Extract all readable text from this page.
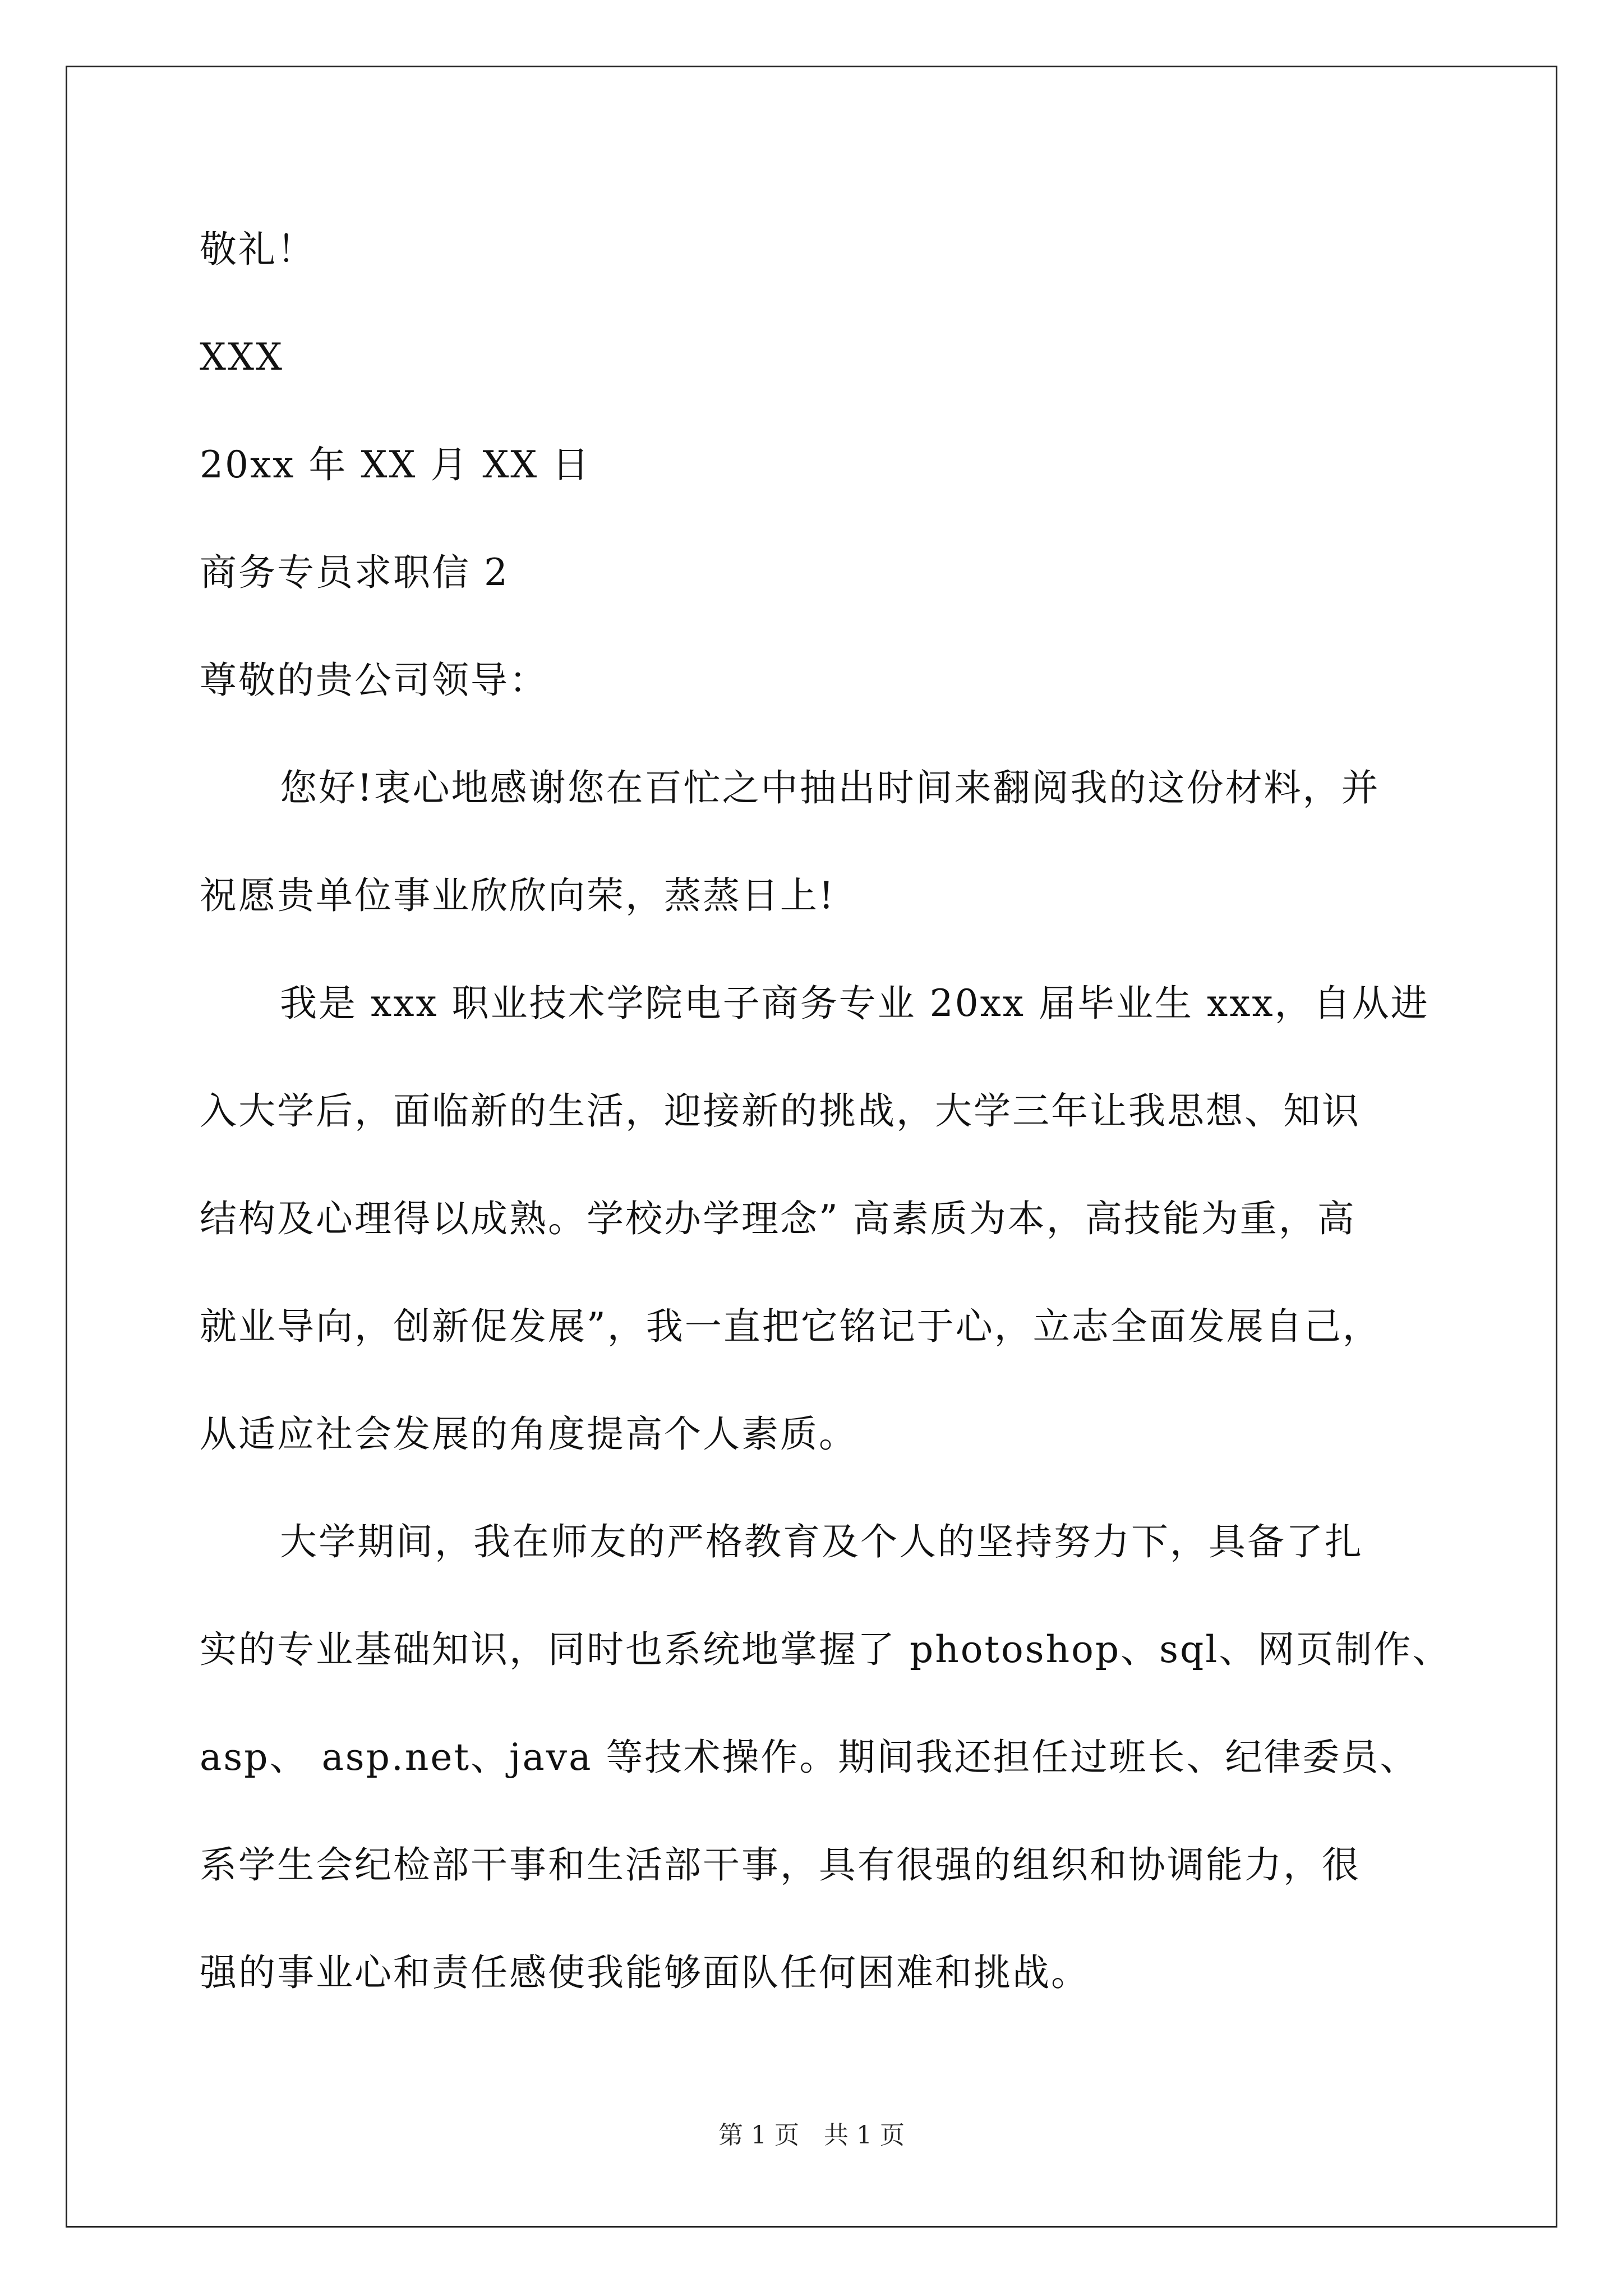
敬礼！
XXX
20xx 年 XX 月 XX 日
商务专员求职信 2
尊敬的贵公司领导：
您好!衷心地感谢您在百忙之中抽出时间来翻阅我的这份材料，并
祝愿贵单位事业欣欣向荣，蒸蒸日上!
我是 xxx 职业技术学院电子商务专业 20xx 届毕业生 xxx，自从进
入大学后，面临新的生活，迎接新的挑战，大学三年让我思想、知识
结构及心理得以成熟。学校办学理念” 高素质为本，高技能为重，高
就业导向，创新促发展”，我一直把它铭记于心，立志全面发展自己，
从适应社会发展的角度提高个人素质。
大学期间，我在师友的严格教育及个人的坚持努力下，具备了扎
实的专业基础知识，同时也系统地掌握了 photoshop、sql、网页制作、
asp、 asp.net、java 等技术操作。期间我还担任过班长、纪律委员、
系学生会纪检部干事和生活部干事，具有很强的组织和协调能力，很
强的事业心和责任感使我能够面队任何困难和挑战。
第 1 页　共 1 页
